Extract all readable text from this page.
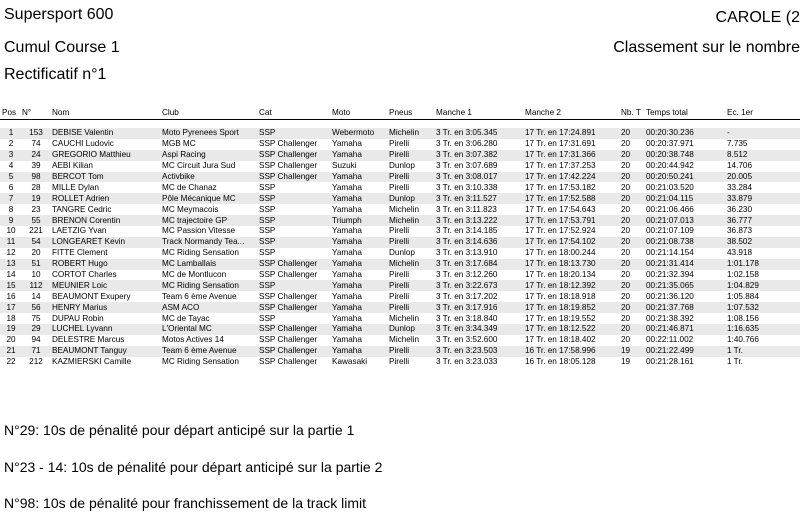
Supersport 600
Cumul Course 1
Rectificatif n°1
CAROLE (2
Classement sur le nombre
Pos	N°	Nom	Club	Cat	Moto	Pneus	Manche 1	Manche 2	Nb. T	Temps total	Ec. 1er

1	153	DEBISE Valentin	Moto Pyrenees Sport	SSP	Webermoto	Michelin	3 Tr. en 3:05.345	17 Tr. en 17:24.891	20	00:20:30.236	-
2	74	CAUCHI Ludovic	MGB MC	SSP Challenger	Yamaha	Pirelli	3 Tr. en 3:06.280	17 Tr. en 17:31.691	20	00:20:37.971	7.735
3	24	GREGORIO Matthieu	Aspi Racing	SSP Challenger	Yamaha	Pirelli	3 Tr. en 3:07.382	17 Tr. en 17:31.366	20	00:20:38.748	8.512
4	39	AEBI Kilian	MC Circuit Jura Sud	SSP Challenger	Suzuki	Dunlop	3 Tr. en 3:07.689	17 Tr. en 17:37.253	20	00:20:44.942	14.706
5	98	BERCOT Tom	Activbike	SSP Challenger	Yamaha	Pirelli	3 Tr. en 3:08.017	17 Tr. en 17:42.224	20	00:20:50.241	20.005
6	28	MILLE Dylan	MC de Chanaz	SSP	Yamaha	Pirelli	3 Tr. en 3:10.338	17 Tr. en 17:53.182	20	00:21:03.520	33.284
7	19	ROLLET Adrien	Pôle Mécanique MC	SSP	Yamaha	Dunlop	3 Tr. en 3:11.527	17 Tr. en 17:52.588	20	00:21:04.115	33.879
8	23	TANGRE Cedric	MC Meymacois	SSP	Yamaha	Michelin	3 Tr. en 3:11.823	17 Tr. en 17:54.643	20	00:21:06.466	36.230
9	55	BRENON Corentin	MC trajectoire GP	SSP	Triumph	Michelin	3 Tr. en 3:13.222	17 Tr. en 17:53.791	20	00:21:07.013	36.777
10	221	LAETZIG Yvan	MC Passion Vitesse	SSP	Yamaha	Pirelli	3 Tr. en 3:14.185	17 Tr. en 17:52.924	20	00:21:07.109	36.873
11	54	LONGEARET Kevin	Track Normandy Tea...	SSP	Yamaha	Pirelli	3 Tr. en 3:14.636	17 Tr. en 17:54.102	20	00:21:08.738	38.502
12	20	FITTE Clement	MC Riding Sensation	SSP	Yamaha	Dunlop	3 Tr. en 3:13.910	17 Tr. en 18:00.244	20	00:21:14.154	43.918
13	51	ROBERT Hugo	MC Lamballais	SSP Challenger	Yamaha	Michelin	3 Tr. en 3:17.684	17 Tr. en 18:13.730	20	00:21:31.414	1:01.178
14	10	CORTOT Charles	MC de Montlucon	SSP Challenger	Yamaha	Pirelli	3 Tr. en 3:12.260	17 Tr. en 18:20.134	20	00:21:32.394	1:02.158
15	112	MEUNIER Loic	MC Riding Sensation	SSP	Yamaha	Pirelli	3 Tr. en 3:22.673	17 Tr. en 18:12.392	20	00:21:35.065	1:04.829
16	14	BEAUMONT Exupery	Team 6 ème Avenue	SSP Challenger	Yamaha	Pirelli	3 Tr. en 3:17.202	17 Tr. en 18:18.918	20	00:21:36.120	1:05.884
17	56	HENRY Marius	ASM ACO	SSP Challenger	Yamaha	Pirelli	3 Tr. en 3:17.916	17 Tr. en 18:19.852	20	00:21:37.768	1:07.532
18	75	DUPAU Robin	MC de Tayac	SSP	Yamaha	Michelin	3 Tr. en 3:18.840	17 Tr. en 18:19.552	20	00:21:38.392	1:08.156
19	29	LUCHEL Lyvann	L'Oriental MC	SSP Challenger	Yamaha	Dunlop	3 Tr. en 3:34.349	17 Tr. en 18:12.522	20	00:21:46.871	1:16.635
20	94	DELESTRE Marcus	Motos Actives 14	SSP Challenger	Yamaha	Michelin	3 Tr. en 3:52.600	17 Tr. en 18:18.402	20	00:22:11.002	1:40.766
21	71	BEAUMONT Tanguy	Team 6 ème Avenue	SSP Challenger	Yamaha	Pirelli	3 Tr. en 3:23.503	16 Tr. en 17:58.996	19	00:21:22.499	1 Tr.
22	212	KAZMIERSKI Camille	MC Riding Sensation	SSP Challenger	Kawasaki	Pirelli	3 Tr. en 3:23.033	16 Tr. en 18:05.128	19	00:21:28.161	1 Tr.
N°29: 10s de pénalité pour départ anticipé sur la partie 1
N°23 - 14: 10s de pénalité pour départ anticipé sur la partie 2
N°98: 10s de pénalité pour franchissement de la track limit
